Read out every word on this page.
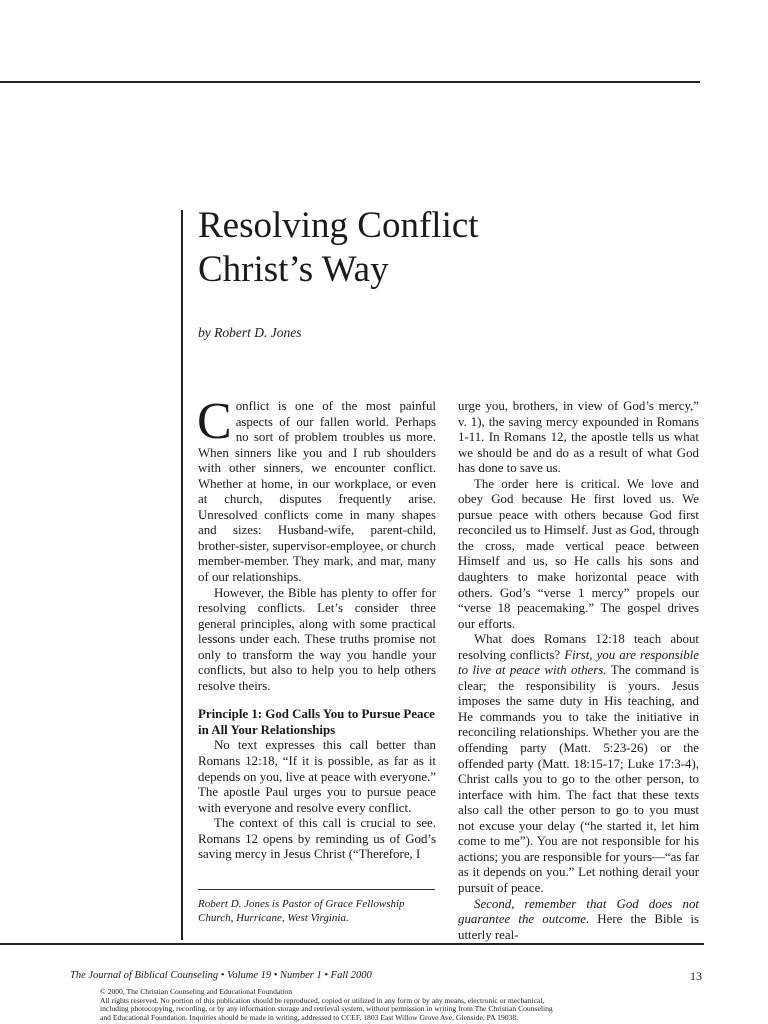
Resolving Conflict
Christ’s Way
by Robert D. Jones

Conflict is one of the most painful aspects of our fallen world. Perhaps no sort of problem troubles us more. When sinners like you and I rub shoulders with other sinners, we encounter conflict. Whether at home, in our workplace, or even at church, disputes frequently arise. Unresolved conflicts come in many shapes and sizes: Husband-wife, parent-child, brother-sister, supervisor-employee, or church member-member. They mark, and mar, many of our relationships.

However, the Bible has plenty to offer for resolving conflicts. Let’s consider three general principles, along with some practical lessons under each. These truths promise not only to transform the way you handle your conflicts, but also to help you to help others resolve theirs.

Principle 1: God Calls You to Pursue Peace in All Your Relationships

No text expresses this call better than Romans 12:18, “If it is possible, as far as it depends on you, live at peace with everyone.” The apostle Paul urges you to pursue peace with everyone and resolve every conflict.

The context of this call is crucial to see. Romans 12 opens by reminding us of God’s saving mercy in Jesus Christ (“Therefore, I

urge you, brothers, in view of God’s mercy,” v. 1), the saving mercy expounded in Romans 1-11. In Romans 12, the apostle tells us what we should be and do as a result of what God has done to save us.

The order here is critical. We love and obey God because He first loved us. We pursue peace with others because God first reconciled us to Himself. Just as God, through the cross, made vertical peace between Himself and us, so He calls his sons and daughters to make horizontal peace with others. God’s “verse 1 mercy” propels our “verse 18 peacemaking.” The gospel drives our efforts.

What does Romans 12:18 teach about resolving conflicts? First, you are responsible to live at peace with others. The command is clear; the responsibility is yours. Jesus imposes the same duty in His teaching, and He commands you to take the initiative in reconciling relationships. Whether you are the offending party (Matt. 5:23-26) or the offended party (Matt. 18:15-17; Luke 17:3-4), Christ calls you to go to the other person, to interface with him. The fact that these texts also call the other person to go to you must not excuse your delay (“he started it, let him come to me”). You are not responsible for his actions; you are responsible for yours—“as far as it depends on you.” Let nothing derail your pursuit of peace.

Second, remember that God does not guarantee the outcome. Here the Bible is utterly real-

Robert D. Jones is Pastor of Grace Fellowship Church, Hurricane, West Virginia.
The Journal of Biblical Counseling • Volume 19 • Number 1 • Fall 2000	13
© 2000, The Christian Counseling and Educational Foundation
All rights reserved. No portion of this publication should be reproduced, copied or utilized in any form or by any means, electronic or mechanical,
including photocopying, recording, or by any information storage and retrieval system, without permission in writing from The Christian Counseling
and Educational Foundation. Inquiries should be made in writing, addressed to CCEF, 1803 East Willow Grove Ave, Glenside, PA 19038.
